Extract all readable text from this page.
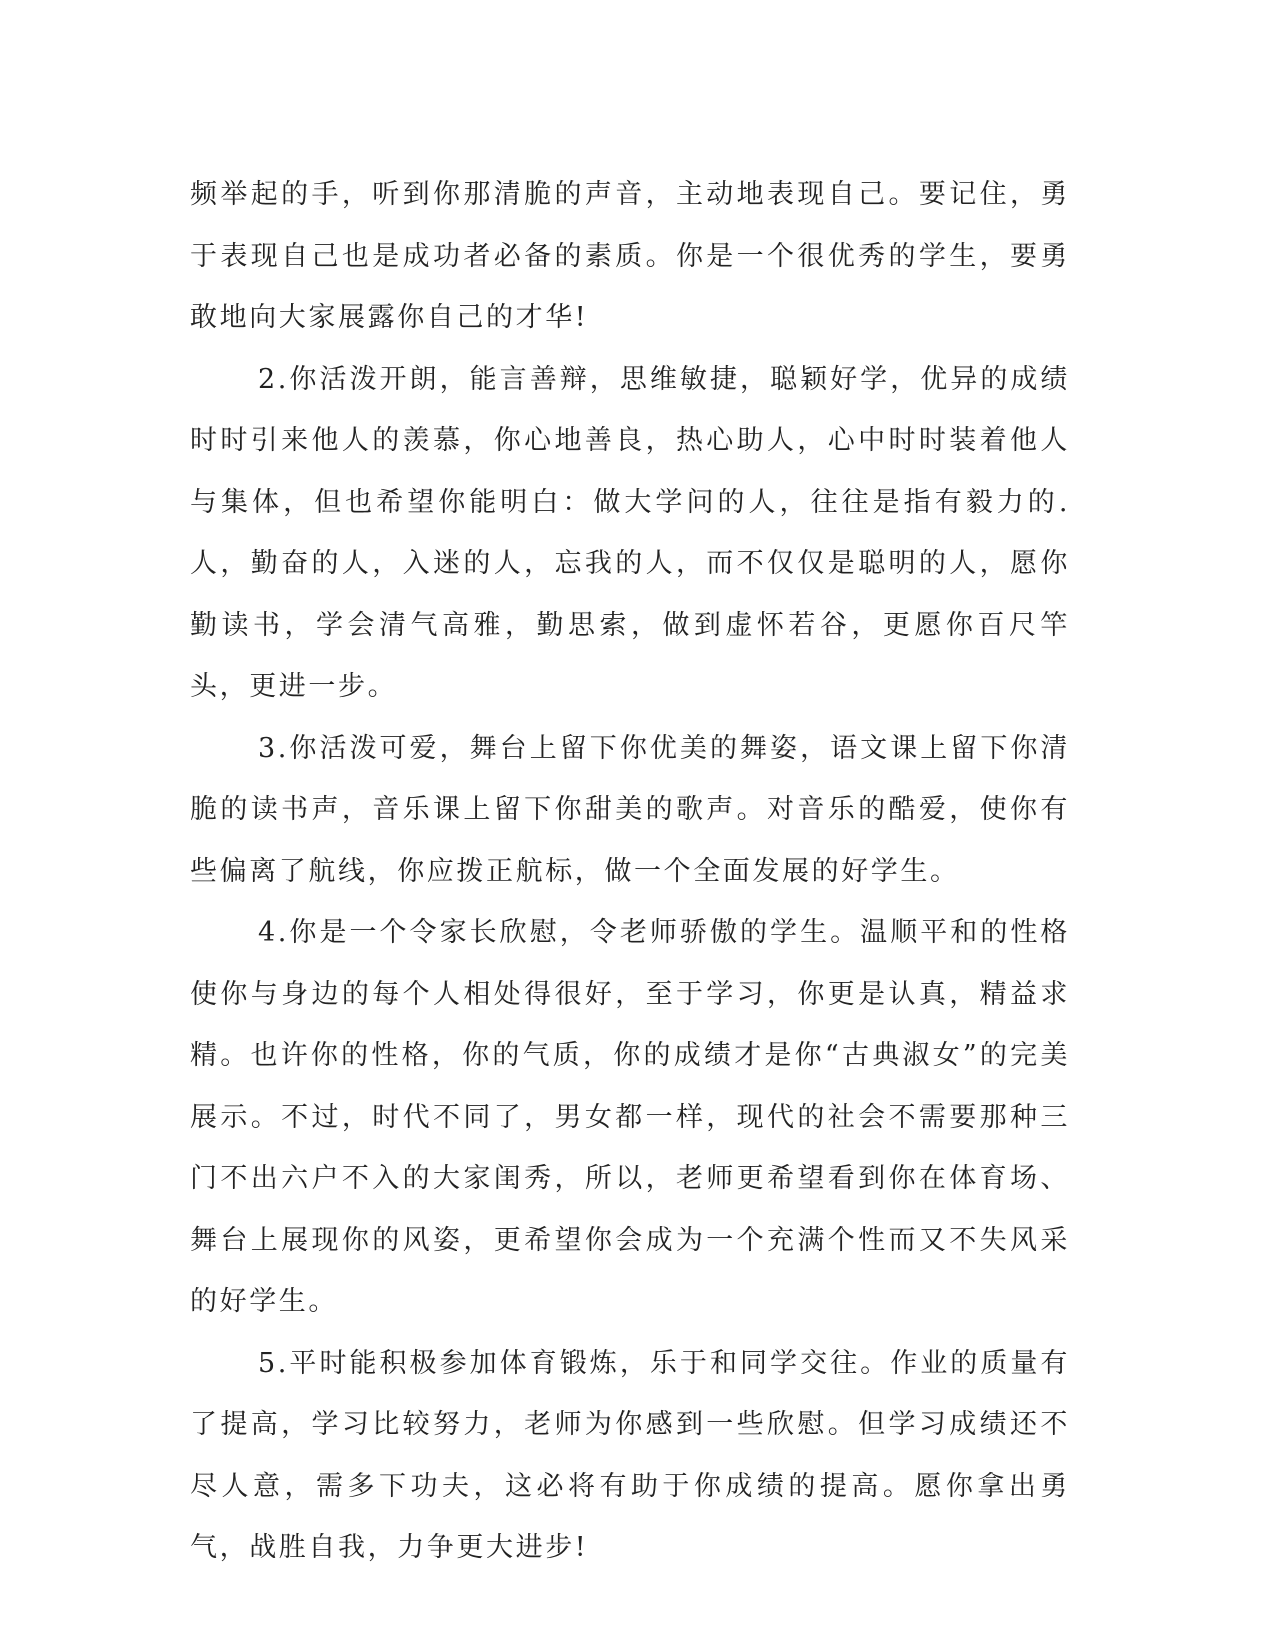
频举起的手，听到你那清脆的声音，主动地表现自己。要记住，勇于表现自己也是成功者必备的素质。你是一个很优秀的学生，要勇敢地向大家展露你自己的才华!

2.你活泼开朗，能言善辩，思维敏捷，聪颖好学，优异的成绩时时引来他人的羡慕，你心地善良，热心助人，心中时时装着他人与集体，但也希望你能明白：做大学问的人，往往是指有毅力的.人，勤奋的人，入迷的人，忘我的人，而不仅仅是聪明的人，愿你勤读书，学会清气高雅，勤思索，做到虚怀若谷，更愿你百尺竿头，更进一步。

3.你活泼可爱，舞台上留下你优美的舞姿，语文课上留下你清脆的读书声，音乐课上留下你甜美的歌声。对音乐的酷爱，使你有些偏离了航线，你应拨正航标，做一个全面发展的好学生。

4.你是一个令家长欣慰，令老师骄傲的学生。温顺平和的性格使你与身边的每个人相处得很好，至于学习，你更是认真，精益求精。也许你的性格，你的气质，你的成绩才是你“古典淑女”的完美展示。不过，时代不同了，男女都一样，现代的社会不需要那种三门不出六户不入的大家闺秀，所以，老师更希望看到你在体育场、舞台上展现你的风姿，更希望你会成为一个充满个性而又不失风采的好学生。

5.平时能积极参加体育锻炼，乐于和同学交往。作业的质量有了提高，学习比较努力，老师为你感到一些欣慰。但学习成绩还不尽人意，需多下功夫，这必将有助于你成绩的提高。愿你拿出勇气，战胜自我，力争更大进步!
